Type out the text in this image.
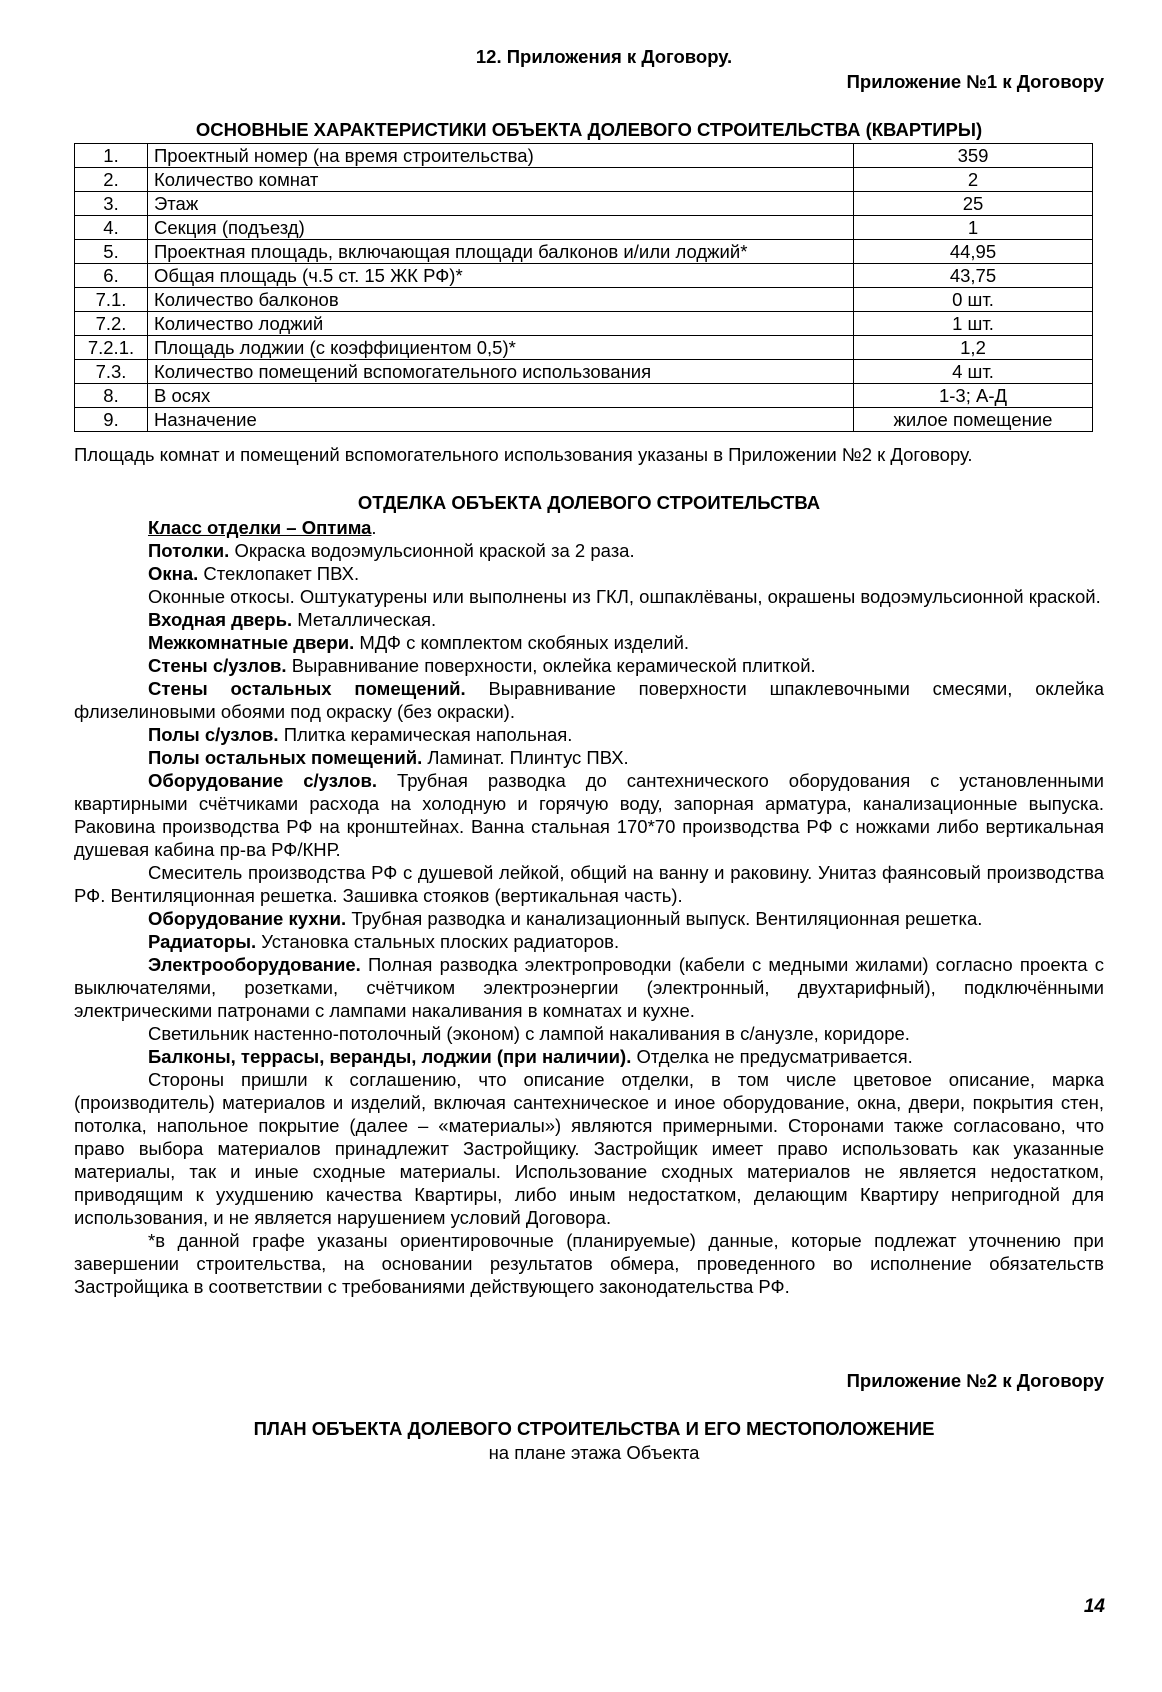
12. Приложения к Договору.
Приложение №1 к Договору
ОСНОВНЫЕ ХАРАКТЕРИСТИКИ ОБЪЕКТА ДОЛЕВОГО СТРОИТЕЛЬСТВА (КВАРТИРЫ)
1.	Проектный номер (на время строительства)	359
2.	Количество комнат	2
3.	Этаж	25
4.	Секция (подъезд)	1
5.	Проектная площадь, включающая площади балконов и/или лоджий*	44,95
6.	Общая площадь (ч.5 ст. 15 ЖК РФ)*	43,75
7.1.	Количество балконов	0 шт.
7.2.	Количество лоджий	1 шт.
7.2.1.	Площадь лоджии (с коэффициентом 0,5)*	1,2
7.3.	Количество помещений вспомогательного использования	4 шт.
8.	В осях	1-3; А-Д
9.	Назначение	жилое помещение
Площадь комнат и помещений вспомогательного использования указаны в Приложении №2 к Договору.
ОТДЕЛКА ОБЪЕКТА ДОЛЕВОГО СТРОИТЕЛЬСТВА

Класс отделки – Оптима.

Потолки. Окраска водоэмульсионной краской за 2 раза.

Окна. Стеклопакет ПВХ.

Оконные откосы. Оштукатурены или выполнены из ГКЛ, ошпаклёваны, окрашены водоэмульсионной краской.

Входная дверь. Металлическая.

Межкомнатные двери. МДФ с комплектом скобяных изделий.

Стены с/узлов. Выравнивание поверхности, оклейка керамической плиткой.

Стены остальных помещений. Выравнивание поверхности шпаклевочными смесями, оклейка флизелиновыми обоями под окраску (без окраски).

Полы с/узлов. Плитка керамическая напольная.

Полы остальных помещений. Ламинат. Плинтус ПВХ.

Оборудование с/узлов. Трубная разводка до сантехнического оборудования с установленными квартирными счётчиками расхода на холодную и горячую воду, запорная арматура, канализационные выпуска. Раковина производства РФ на кронштейнах. Ванна стальная 170*70 производства РФ с ножками либо вертикальная душевая кабина пр-ва РФ/КНР.

Смеситель производства РФ с душевой лейкой, общий на ванну и раковину. Унитаз фаянсовый производства РФ. Вентиляционная решетка. Зашивка стояков (вертикальная часть).

Оборудование кухни. Трубная разводка и канализационный выпуск. Вентиляционная решетка.

Радиаторы. Установка стальных плоских радиаторов.

Электрооборудование. Полная разводка электропроводки (кабели с медными жилами) согласно проекта с выключателями, розетками, счётчиком электроэнергии (электронный, двухтарифный), подключёнными электрическими патронами с лампами накаливания в комнатах и кухне.

Светильник настенно-потолочный (эконом) с лампой накаливания в с/анузле, коридоре.

Балконы, террасы, веранды, лоджии (при наличии). Отделка не предусматривается.

Стороны пришли к соглашению, что описание отделки, в том числе цветовое описание, марка (производитель) материалов и изделий, включая сантехническое и иное оборудование, окна, двери, покрытия стен, потолка, напольное покрытие (далее – «материалы») являются примерными. Сторонами также согласовано, что право выбора материалов принадлежит Застройщику. Застройщик имеет право использовать как указанные материалы, так и иные сходные материалы. Использование сходных материалов не является недостатком, приводящим к ухудшению качества Квартиры, либо иным недостатком, делающим Квартиру непригодной для использования, и не является нарушением условий Договора.

*в данной графе указаны ориентировочные (планируемые) данные, которые подлежат уточнению при завершении строительства, на основании результатов обмера, проведенного во исполнение обязательств Застройщика в соответствии с требованиями действующего законодательства РФ.

Приложение №2 к Договору
ПЛАН ОБЪЕКТА ДОЛЕВОГО СТРОИТЕЛЬСТВА И ЕГО МЕСТОПОЛОЖЕНИЕ
на плане этажа Объекта
14
